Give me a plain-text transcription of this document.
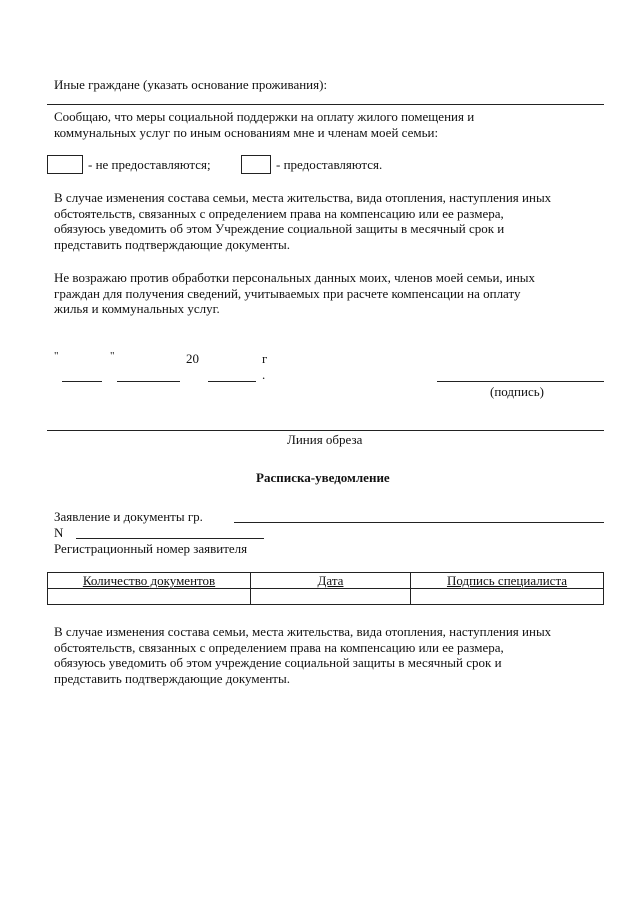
Иные граждане (указать основание проживания):
Сообщаю, что меры социальной поддержки на оплату жилого помещения и
коммунальных услуг по иным основаниям мне и членам моей семьи:
- не предоставляются;	- предоставляются.
В случае изменения состава семьи, места жительства, вида отопления, наступления иных
обстоятельств, связанных с определением права на компенсацию или ее размера,
обязуюсь уведомить об этом Учреждение социальной защиты в месячный срок и
представить подтверждающие документы.
Не возражаю против обработки персональных данных моих, членов моей семьи, иных
граждан для получения сведений, учитываемых при расчете компенсации на оплату
жилья и коммунальных услуг.
"	"	20	г
.
(подпись)
Линия обреза
Расписка-уведомление
Заявление и документы гр.
N
Регистрационный номер заявителя
Количество документов	Дата	Подпись специалиста

В случае изменения состава семьи, места жительства, вида отопления, наступления иных
обстоятельств, связанных с определением права на компенсацию или ее размера,
обязуюсь уведомить об этом учреждение социальной защиты в месячный срок и
представить подтверждающие документы.
